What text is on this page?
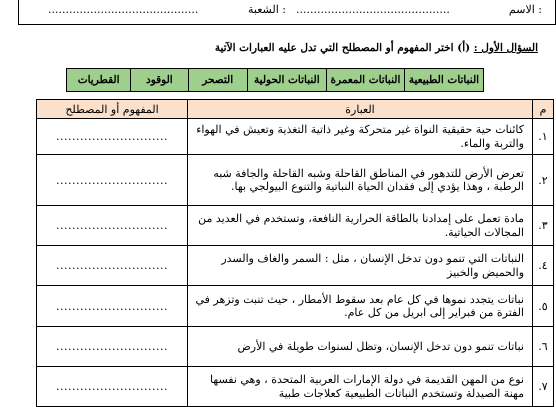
الاسم :
............................................
الشعبة :
...........................................
السؤال الأول : (أ) اختر المفهوم أو المصطلح التي تدل عليه العبارات الآتية
النباتات الطبيعية
النباتات المعمرة
النباتات الحولية
التصحر
الوقود
القطريات
م	العبارة	المفهوم أو المصطلح
١.	كائنات حية حقيقية النواة غير متحركة وغير ذاتية التغذية وتعيش في الهواء والتربة والماء.	............................
٢.	تعرض الأرض للتدهور في المناطق القاحلة وشبه القاحلة والجافة شبه الرطبة ، وهذا يؤدي إلى فقدان الحياة النباتية والتنوع البيولجي بها.	............................
٣.	مادة تعمل على إمدادنا بالطاقة الحرارية النافعة، وتستخدم في العديد من المجالات الحياتية.	............................
٤.	النباتات التي تنمو دون تدخل الإنسان ، مثل : السمر والغاف والسدر والحميض والخبيز	............................
٥.	نباتات يتجدد نموها في كل عام بعد سقوط الأمطار ، حيث تنبت وتزهر في الفترة من فبراير إلى ابريل من كل عام.	............................
٦.	نباتات تنمو دون تدخل الإنسان، وتظل لسنوات طويلة في الأرض	............................
٧.	نوع من المهن القديمة في دولة الإمارات العربية المتحدة ، وهي نفسها مهنة الصيدلة وتستخدم النباتات الطبيعية كعلاجات طبية	............................
